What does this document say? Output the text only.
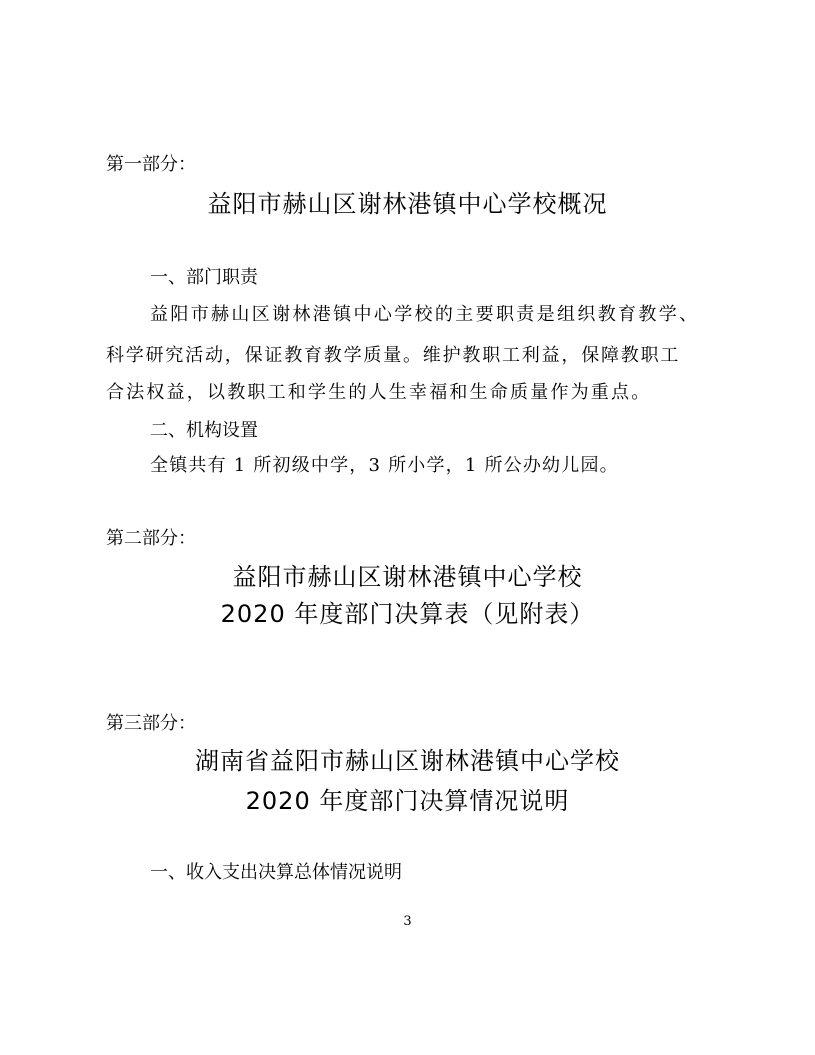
第一部分：
益阳市赫山区谢林港镇中心学校概况
一、部门职责
益阳市赫山区谢林港镇中心学校的主要职责是组织教育教学、
科学研究活动，保证教育教学质量。维护教职工利益，保障教职工
合法权益，以教职工和学生的人生幸福和生命质量作为重点。
二、机构设置
全镇共有 1 所初级中学，3 所小学，1 所公办幼儿园。
第二部分：
益阳市赫山区谢林港镇中心学校
2020 年度部门决算表（见附表）
第三部分：
湖南省益阳市赫山区谢林港镇中心学校
2020 年度部门决算情况说明
一、收入支出决算总体情况说明
3
